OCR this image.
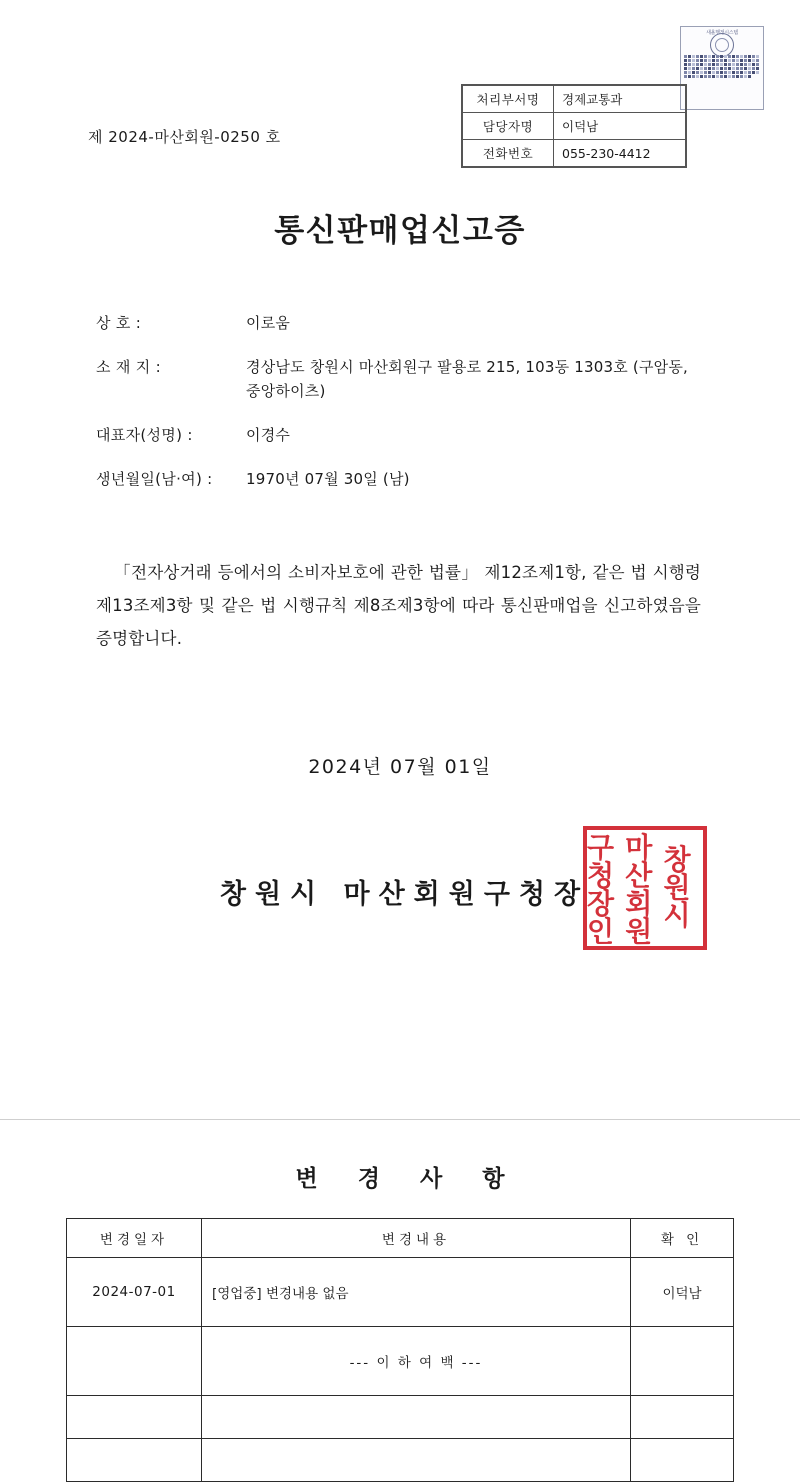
새올행정시스템
처리부서명	경제교통과
담당자명	이덕남
전화번호	055-230-4412
제 2024-마산회원-0250 호
통신판매업신고증
상 호 :	이로움
소 재 지 :	경상남도 창원시 마산회원구 팔용로 215, 103동 1303호 (구암동, 중앙하이츠)
대표자(성명) :	이경수
생년월일(남·여) :	1970년 07월 30일 (남)
「전자상거래 등에서의 소비자보호에 관한 법률」 제12조제1항, 같은 법 시행령 제13조제3항 및 같은 법 시행규칙 제8조제3항에 따라 통신판매업을 신고하였음을 증명합니다.
2024년 07월 01일
창원시 마산회원구청장
창원시
마산회원
구청장인
변 경 사 항
변경일자	변경내용	확 인
2024-07-01	[영업중] 변경내용 없음	이덕남
	--- 이 하 여 백 ---	
